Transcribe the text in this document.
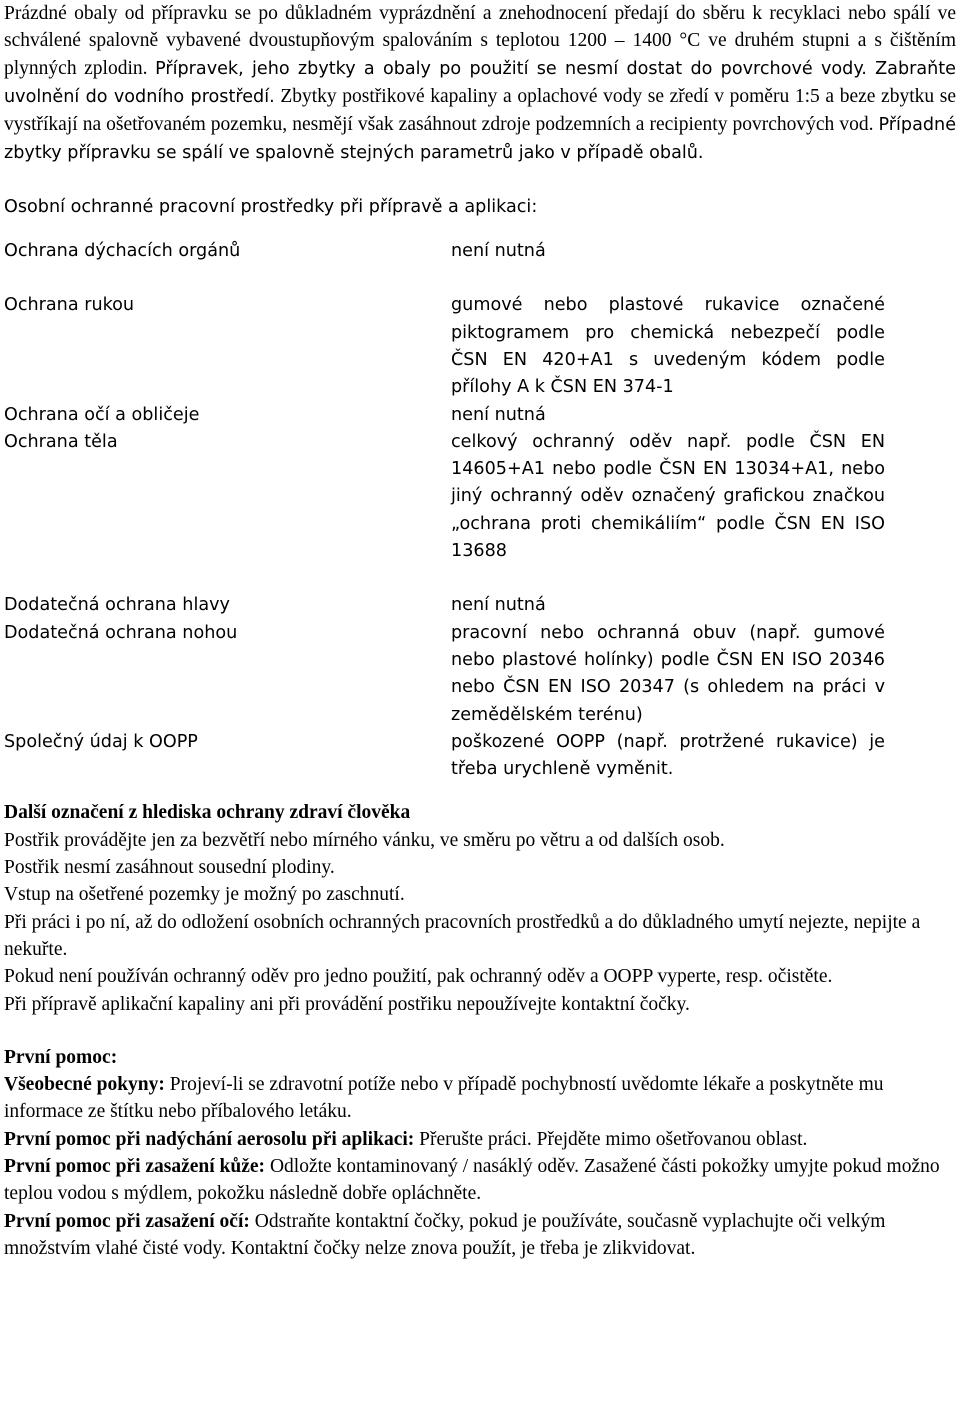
Prázdné obaly od přípravku se po důkladném vyprázdnění a znehodnocení předají do sběru k recyklaci nebo spálí ve schválené spalovně vybavené dvoustupňovým spalováním s teplotou 1200 – 1400 °C ve druhém stupni a s čištěním plynných zplodin. Přípravek, jeho zbytky a obaly po použití se nesmí dostat do povrchové vody. Zabraňte uvolnění do vodního prostředí. Zbytky postřikové kapaliny a oplachové vody se zředí v poměru 1:5 a beze zbytku se vystříkají na ošetřovaném pozemku, nesmějí však zasáhnout zdroje podzemních a recipienty povrchových vod. Případné zbytky přípravku se spálí ve spalovně stejných parametrů jako v případě obalů.

Osobní ochranné pracovní prostředky při přípravě a aplikaci:

Ochrana dýchacích orgánů	není nutná
Ochrana rukou	gumové nebo plastové rukavice označené piktogramem pro chemická nebezpečí podle ČSN EN 420+A1 s uvedeným kódem podle přílohy A k ČSN EN 374-1
Ochrana očí a obličeje	není nutná
Ochrana těla	celkový ochranný oděv např. podle ČSN EN 14605+A1 nebo podle ČSN EN 13034+A1, nebo jiný ochranný oděv označený grafickou značkou „ochrana proti chemikáliím“ podle ČSN EN ISO 13688
Dodatečná ochrana hlavy	není nutná
Dodatečná ochrana nohou	pracovní nebo ochranná obuv (např. gumové nebo plastové holínky) podle ČSN EN ISO 20346 nebo ČSN EN ISO 20347 (s ohledem na práci v zemědělském terénu)
Společný údaj k OOPP	poškozené OOPP (např. protržené rukavice) je třeba urychleně vyměnit.

Další označení z hlediska ochrany zdraví člověka

Postřik provádějte jen za bezvětří nebo mírného vánku, ve směru po větru a od dalších osob.

Postřik nesmí zasáhnout sousední plodiny.

Vstup na ošetřené pozemky je možný po zaschnutí.

Při práci i po ní, až do odložení osobních ochranných pracovních prostředků a do důkladného umytí nejezte, nepijte a nekuřte.

Pokud není používán ochranný oděv pro jedno použití, pak ochranný oděv a OOPP vyperte, resp. očistěte.

Při přípravě aplikační kapaliny ani při provádění postřiku nepoužívejte kontaktní čočky.

První pomoc:

Všeobecné pokyny: Projeví-li se zdravotní potíže nebo v případě pochybností uvědomte lékaře a poskytněte mu informace ze štítku nebo příbalového letáku.

První pomoc při nadýchání aerosolu při aplikaci: Přerušte práci. Přejděte mimo ošetřovanou oblast.

První pomoc při zasažení kůže: Odložte kontaminovaný / nasáklý oděv. Zasažené části pokožky umyjte pokud možno teplou vodou s mýdlem, pokožku následně dobře opláchněte.

První pomoc při zasažení očí: Odstraňte kontaktní čočky, pokud je používáte, současně vyplachujte oči velkým množstvím vlahé čisté vody. Kontaktní čočky nelze znova použít, je třeba je zlikvidovat.
